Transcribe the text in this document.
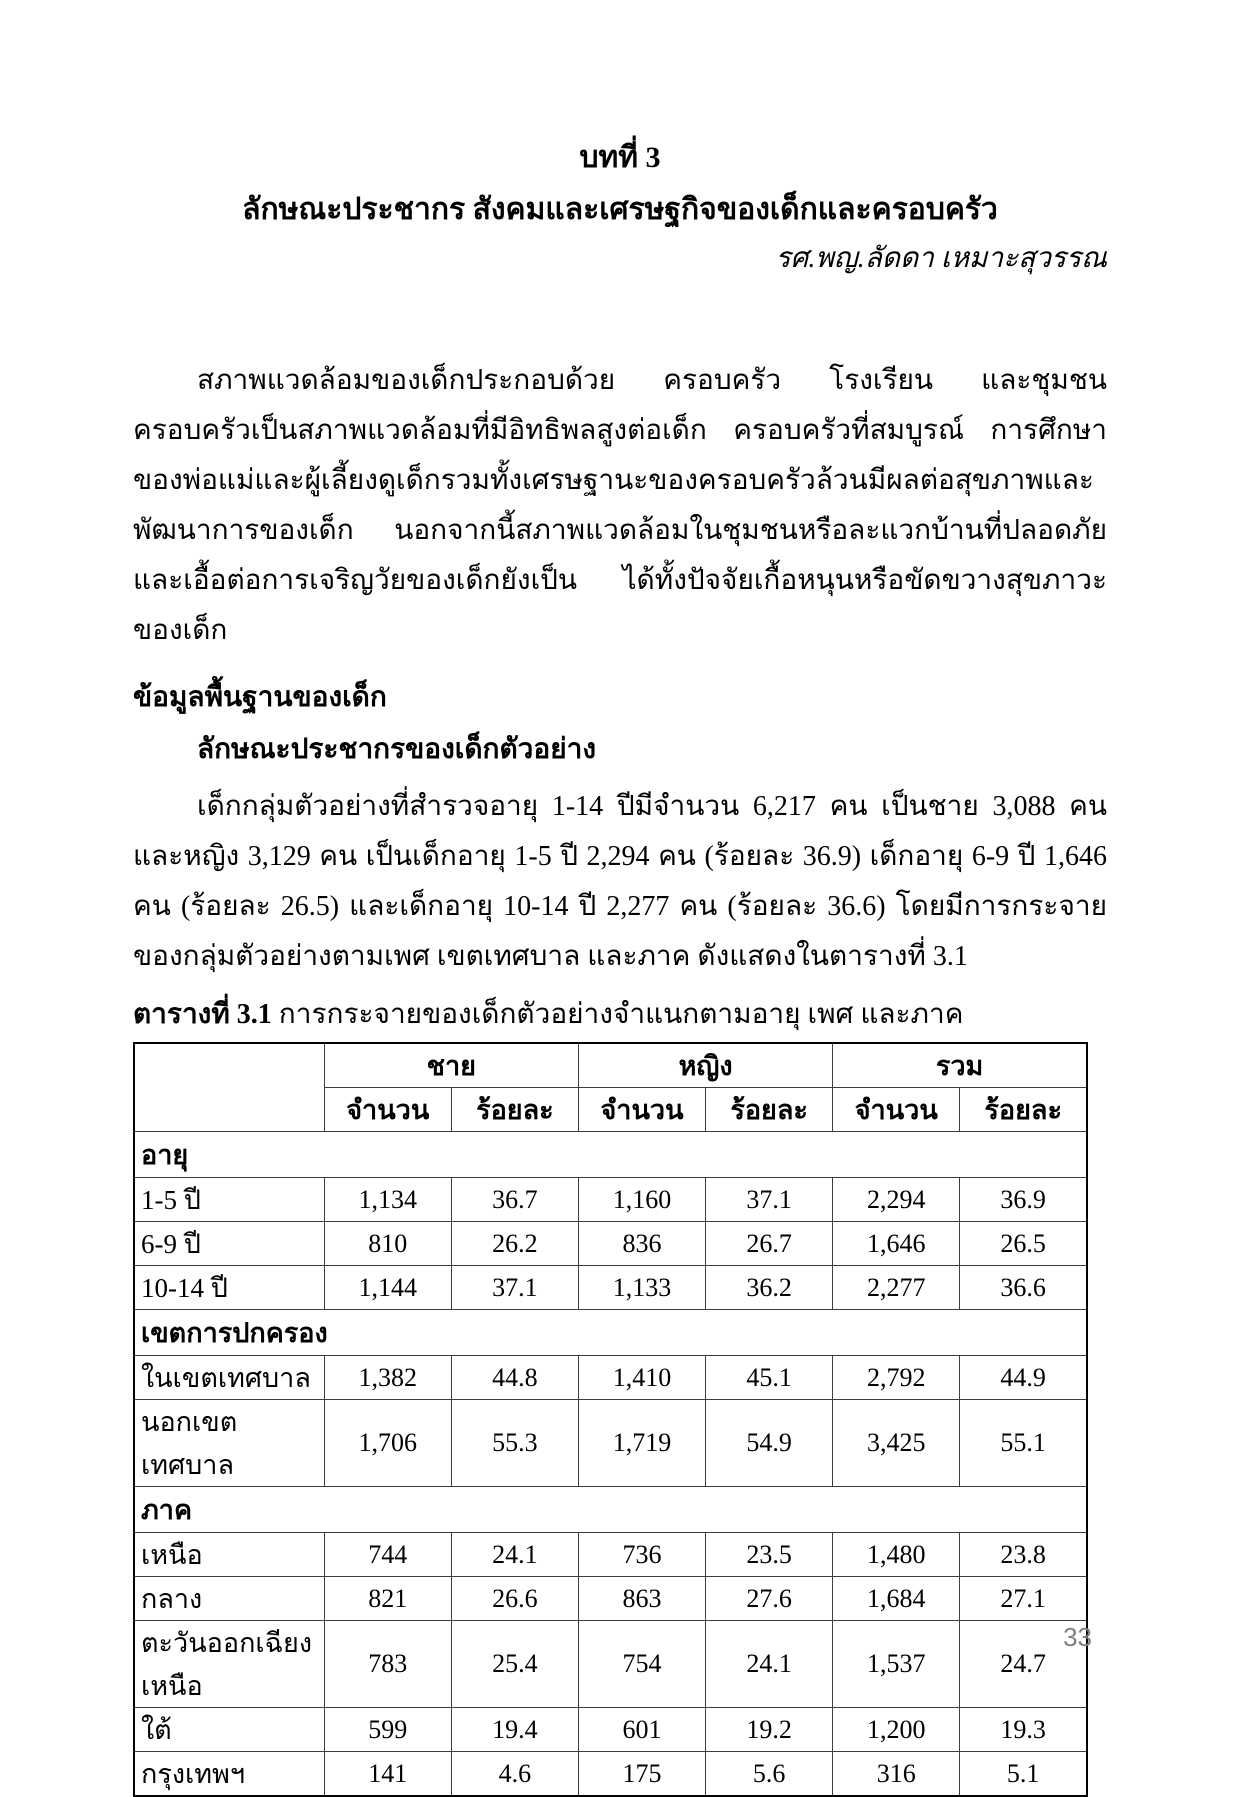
บทที่ 3

ลักษณะประชากร สังคมและเศรษฐกิจของเด็กและครอบครัว

รศ.พญ.ลัดดา เหมาะสุวรรณ

สภาพแวดล้อมของเด็กประกอบด้วย ครอบครัว โรงเรียน และชุมชน ครอบครัวเป็นสภาพแวดล้อมที่มีอิทธิพลสูงต่อเด็ก ครอบครัวที่สมบูรณ์ การศึกษาของพ่อแม่และผู้เลี้ยงดูเด็กรวมทั้งเศรษฐานะของครอบครัวล้วนมีผลต่อสุขภาพและพัฒนาการของเด็ก นอกจากนี้สภาพแวดล้อมในชุมชนหรือละแวกบ้านที่ปลอดภัยและเอื้อต่อการเจริญวัยของเด็กยังเป็น ได้ทั้งปัจจัยเกื้อหนุนหรือขัดขวางสุขภาวะของเด็ก

ข้อมูลพื้นฐานของเด็ก

ลักษณะประชากรของเด็กตัวอย่าง

เด็กกลุ่มตัวอย่างที่สำรวจอายุ 1-14 ปีมีจำนวน 6,217 คน เป็นชาย 3,088 คน และหญิง 3,129 คน เป็นเด็กอายุ 1-5 ปี 2,294 คน (ร้อยละ 36.9) เด็กอายุ 6-9 ปี 1,646 คน (ร้อยละ 26.5) และเด็กอายุ 10-14 ปี 2,277 คน (ร้อยละ 36.6) โดยมีการกระจายของกลุ่มตัวอย่างตามเพศ เขตเทศบาล และภาค ดังแสดงในตารางที่ 3.1

ตารางที่ 3.1 การกระจายของเด็กตัวอย่างจำแนกตามอายุ เพศ และภาค

	ชาย		หญิง		รวม	
	จำนวน	ร้อยละ	จำนวน	ร้อยละ	จำนวน	ร้อยละ
อายุ						
1-5 ปี	1,134	36.7	1,160	37.1	2,294	36.9
6-9 ปี	810	26.2	836	26.7	1,646	26.5
10-14 ปี	1,144	37.1	1,133	36.2	2,277	36.6
เขตการปกครอง						
ในเขตเทศบาล	1,382	44.8	1,410	45.1	2,792	44.9
นอกเขตเทศบาล	1,706	55.3	1,719	54.9	3,425	55.1
ภาค						
เหนือ	744	24.1	736	23.5	1,480	23.8
กลาง	821	26.6	863	27.6	1,684	27.1
ตะวันออกเฉียงเหนือ	783	25.4	754	24.1	1,537	24.7
ใต้	599	19.4	601	19.2	1,200	19.3
กรุงเทพฯ	141	4.6	175	5.6	316	5.1
33
